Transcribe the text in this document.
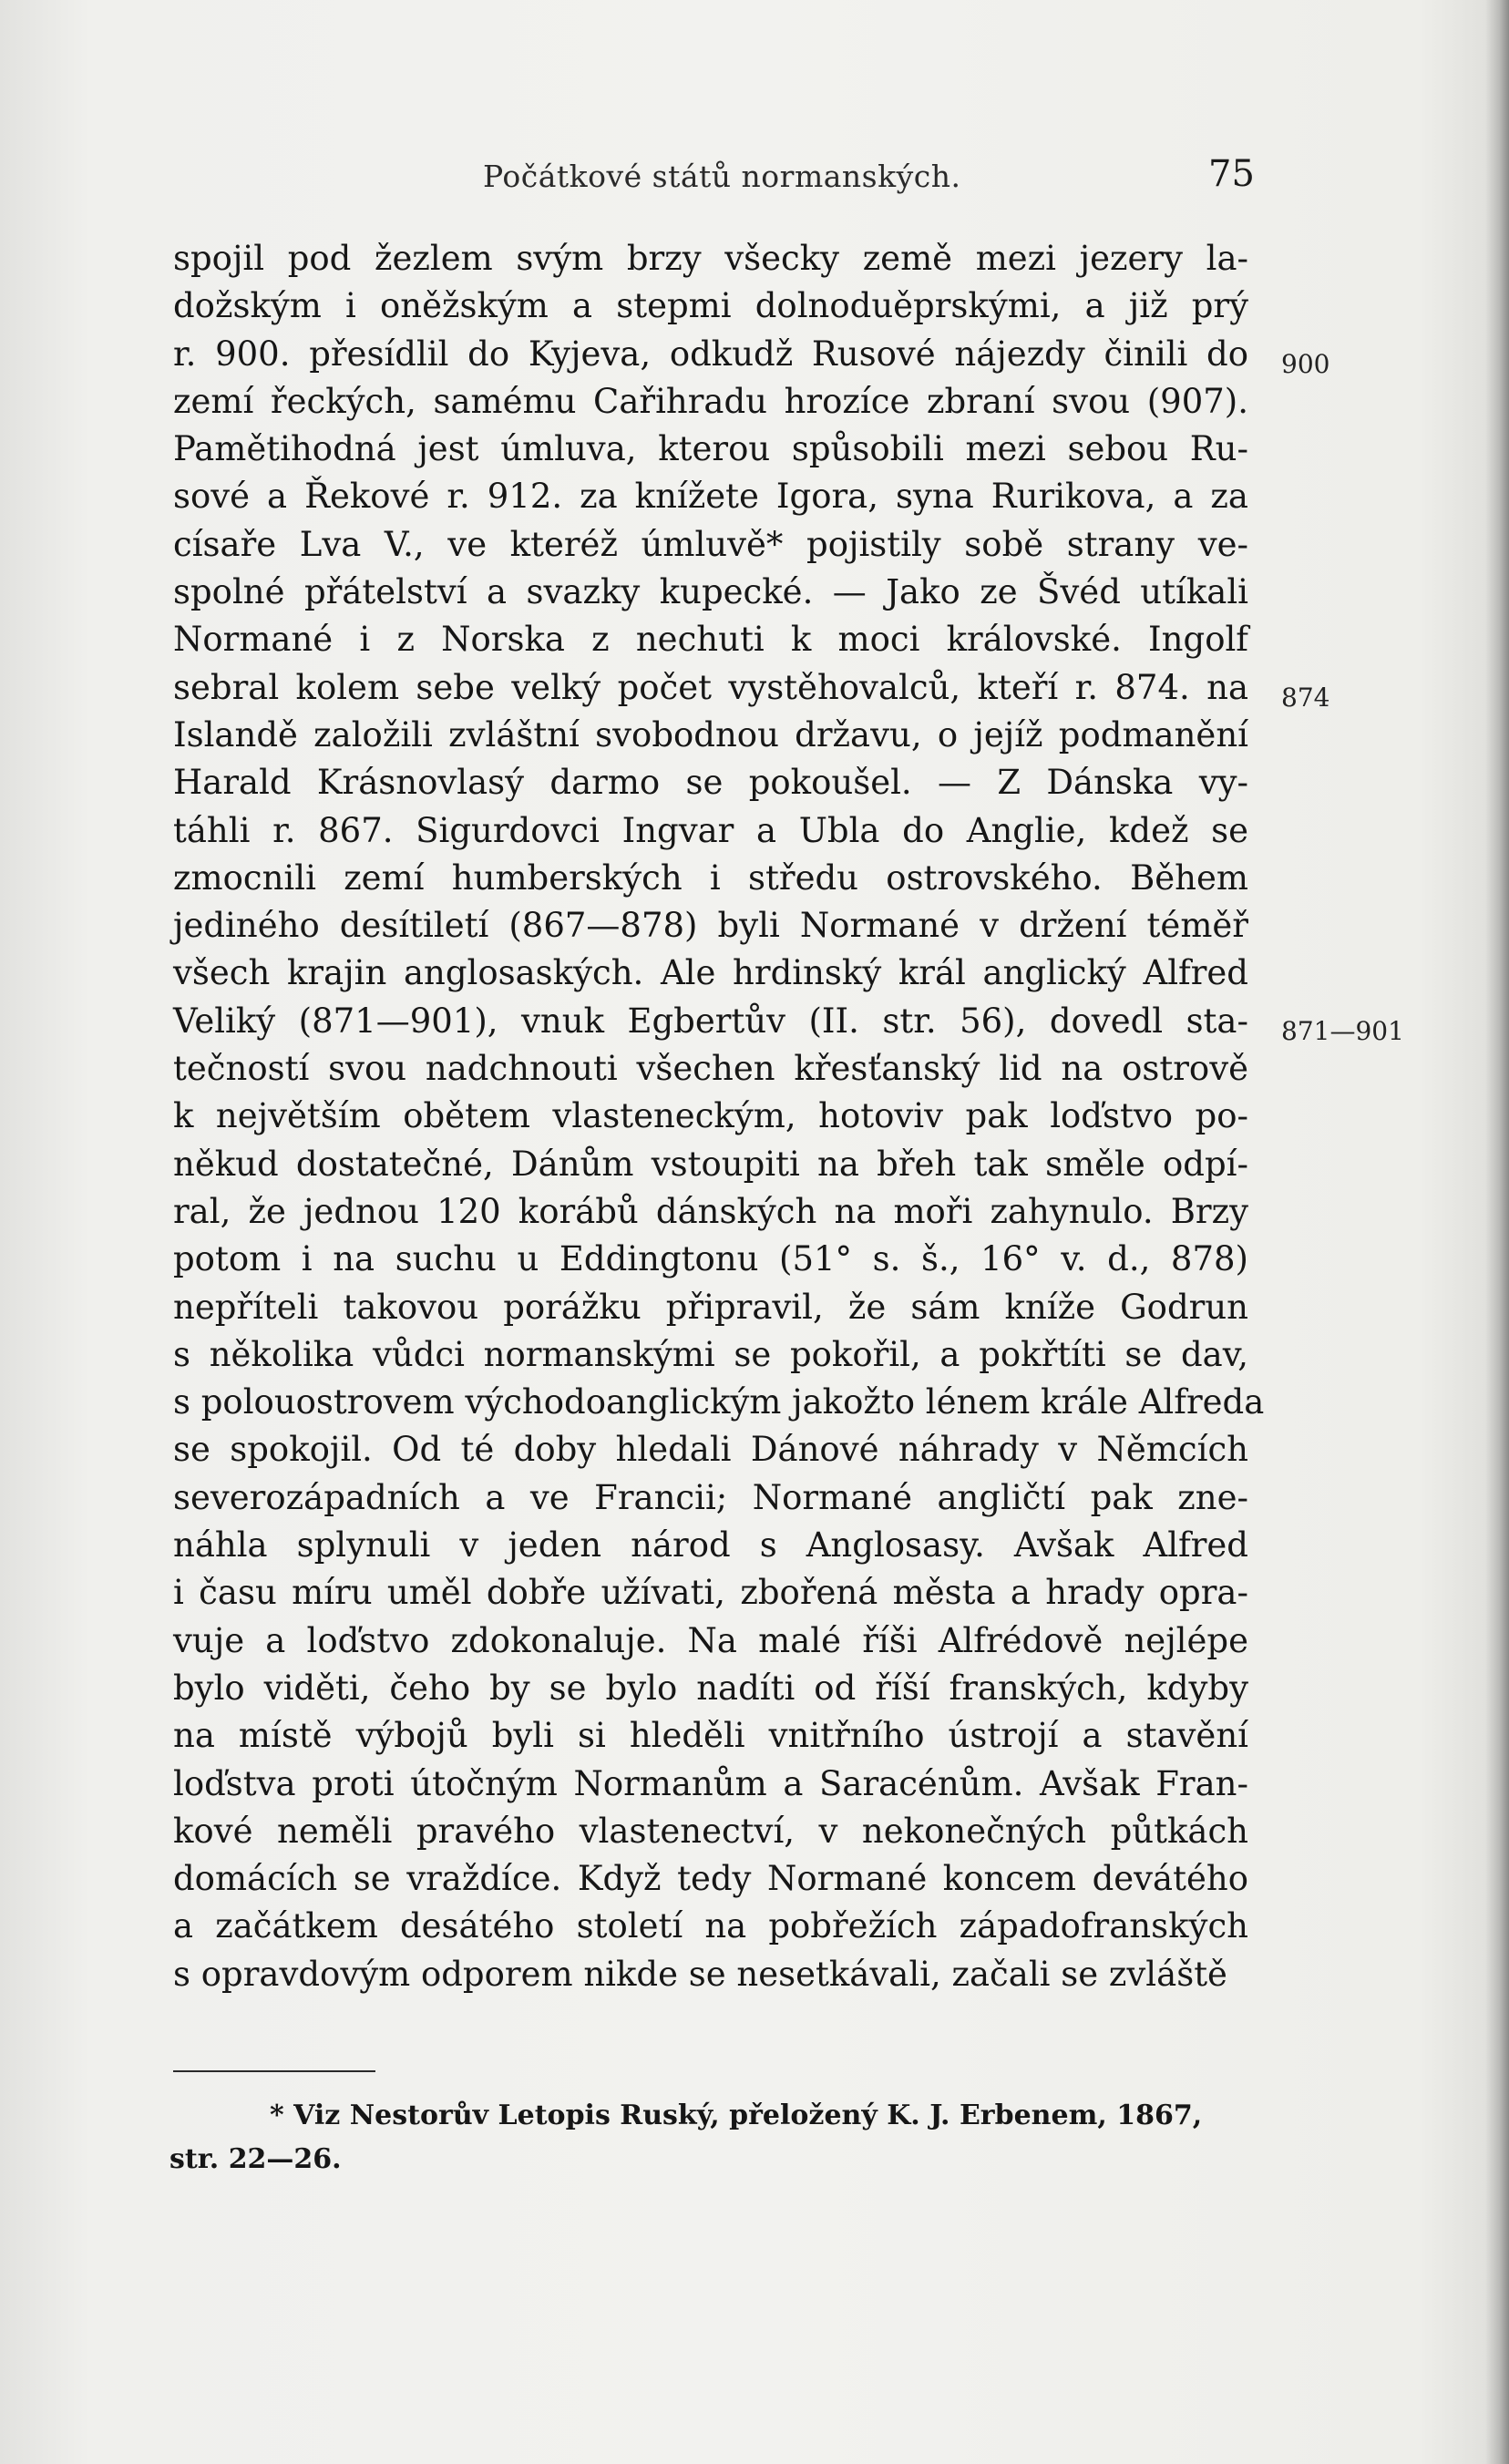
Počátkové států normanských.	75
spojil pod žezlem svým brzy všecky země mezi jezery la-
dožským i oněžským a stepmi dolnoduěprskými, a již prý
r. 900. přesídlil do Kyjeva, odkudž Rusové nájezdy činili do
zemí řeckých, samému Cařihradu hrozíce zbraní svou (907).
Pamětihodná jest úmluva, kterou spůsobili mezi sebou Ru-
sové a Řekové r. 912. za knížete Igora, syna Rurikova, a za
císaře Lva V., ve kteréž úmluvě* pojistily sobě strany ve-
spolné přátelství a svazky kupecké. — Jako ze Švéd utíkali
Normané i z Norska z nechuti k moci královské. Ingolf
sebral kolem sebe velký počet vystěhovalců, kteří r. 874. na
Islandě založili zvláštní svobodnou državu, o jejíž podmanění
Harald Krásnovlasý darmo se pokoušel. — Z Dánska vy-
táhli r. 867. Sigurdovci Ingvar a Ubla do Anglie, kdež se
zmocnili zemí humberských i středu ostrovského. Během
jediného desítiletí (867—878) byli Normané v držení téměř
všech krajin anglosaských. Ale hrdinský král anglický Alfred
Veliký (871—901), vnuk Egbertův (II. str. 56), dovedl sta-
tečností svou nadchnouti všechen křesťanský lid na ostrově
k největším obětem vlasteneckým, hotoviv pak loďstvo po-
někud dostatečné, Dánům vstoupiti na břeh tak směle odpí-
ral, že jednou 120 korábů dánských na moři zahynulo. Brzy
potom i na suchu u Eddingtonu (51° s. š., 16° v. d., 878)
nepříteli takovou porážku připravil, že sám kníže Godrun
s několika vůdci normanskými se pokořil, a pokřtíti se dav,
s polouostrovem východoanglickým jakožto lénem krále Alfreda
se spokojil. Od té doby hledali Dánové náhrady v Němcích
severozápadních a ve Francii; Normané angličtí pak zne-
náhla splynuli v jeden národ s Anglosasy. Avšak Alfred
i času míru uměl dobře užívati, zbořená města a hrady opra-
vuje a loďstvo zdokonaluje. Na malé říši Alfrédově nejlépe
bylo viděti, čeho by se bylo nadíti od říší franských, kdyby
na místě výbojů byli si hleděli vnitřního ústrojí a stavění
loďstva proti útočným Normanům a Saracénům. Avšak Fran-
kové neměli pravého vlastenectví, v nekonečných půtkách
domácích se vraždíce. Když tedy Normané koncem devátého
a začátkem desátého století na pobřežích západofranských
s opravdovým odporem nikde se nesetkávali, začali se zvláště
900
874
871—901
* Viz Nestorův Letopis Ruský, přeložený K. J. Erbenem, 1867,
str. 22—26.
